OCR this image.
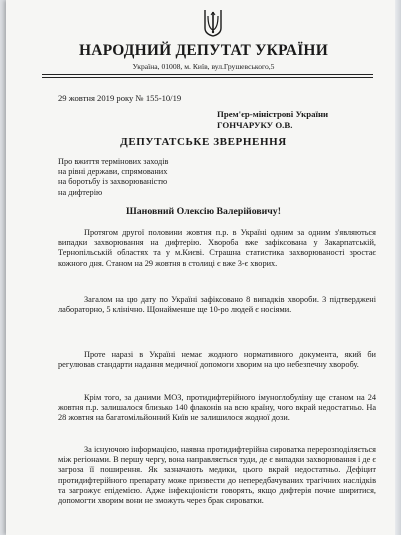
НАРОДНИЙ ДЕПУТАТ УКРАЇНИ
Україна, 01008, м. Київ, вул.Грушевського,5
29 жовтня 2019 року № 155-10/19
Прем'єр-міністрові України
ГОНЧАРУКУ О.В.
ДЕПУТАТСЬКЕ ЗВЕРНЕННЯ
Про вжиття термінових заходів
на рівні держави, спрямованих
на боротьбу із захворюваністю
на дифтерію
Шановний Олексію Валерійовичу!
Протягом другої половини жовтня п.р. в Україні одним за одним з'являються випадки захворювання на дифтерію. Хвороба вже зафіксована у Закарпатській, Тернопільській областях та у м.Києві. Страшна статистика захворюваності зростає кожного дня. Станом на 29 жовтня в столиці є вже 3-є хворих.
Загалом на цю дату по Україні зафіксовано 8 випадків хвороби. 3 підтверджені лабораторно, 5 клінічно. Щонайменше ще 10-ро людей є носіями.
Проте наразі в Україні немає жодного нормативного документа, який би регулював стандарти надання медичної допомоги хворим на цю небезпечну хворобу.
Крім того, за даними МОЗ, протидифтерійного імуноглобуліну ще станом на 24 жовтня п.р. залишалося близько 140 флаконів на всю країну, чого вкрай недостатньо. На 28 жовтня на багатомільйонний Київ не залишилося жодної дози.
За існуючою інформацією, наявна протидифтерійна сироватка перерозподіляється між регіонами. В першу чергу, вона направляється туди, де є випадки захворювання і де є загроза її поширення. Як зазначають медики, цього вкрай недостатньо. Дефіцит протидифтерійного препарату може призвести до непередбачуваних трагічних наслідків та загрожує епідемією. Адже інфекціоністи говорять, якщо дифтерія почне ширитися, допомогти хворим вони не зможуть через брак сироватки.
